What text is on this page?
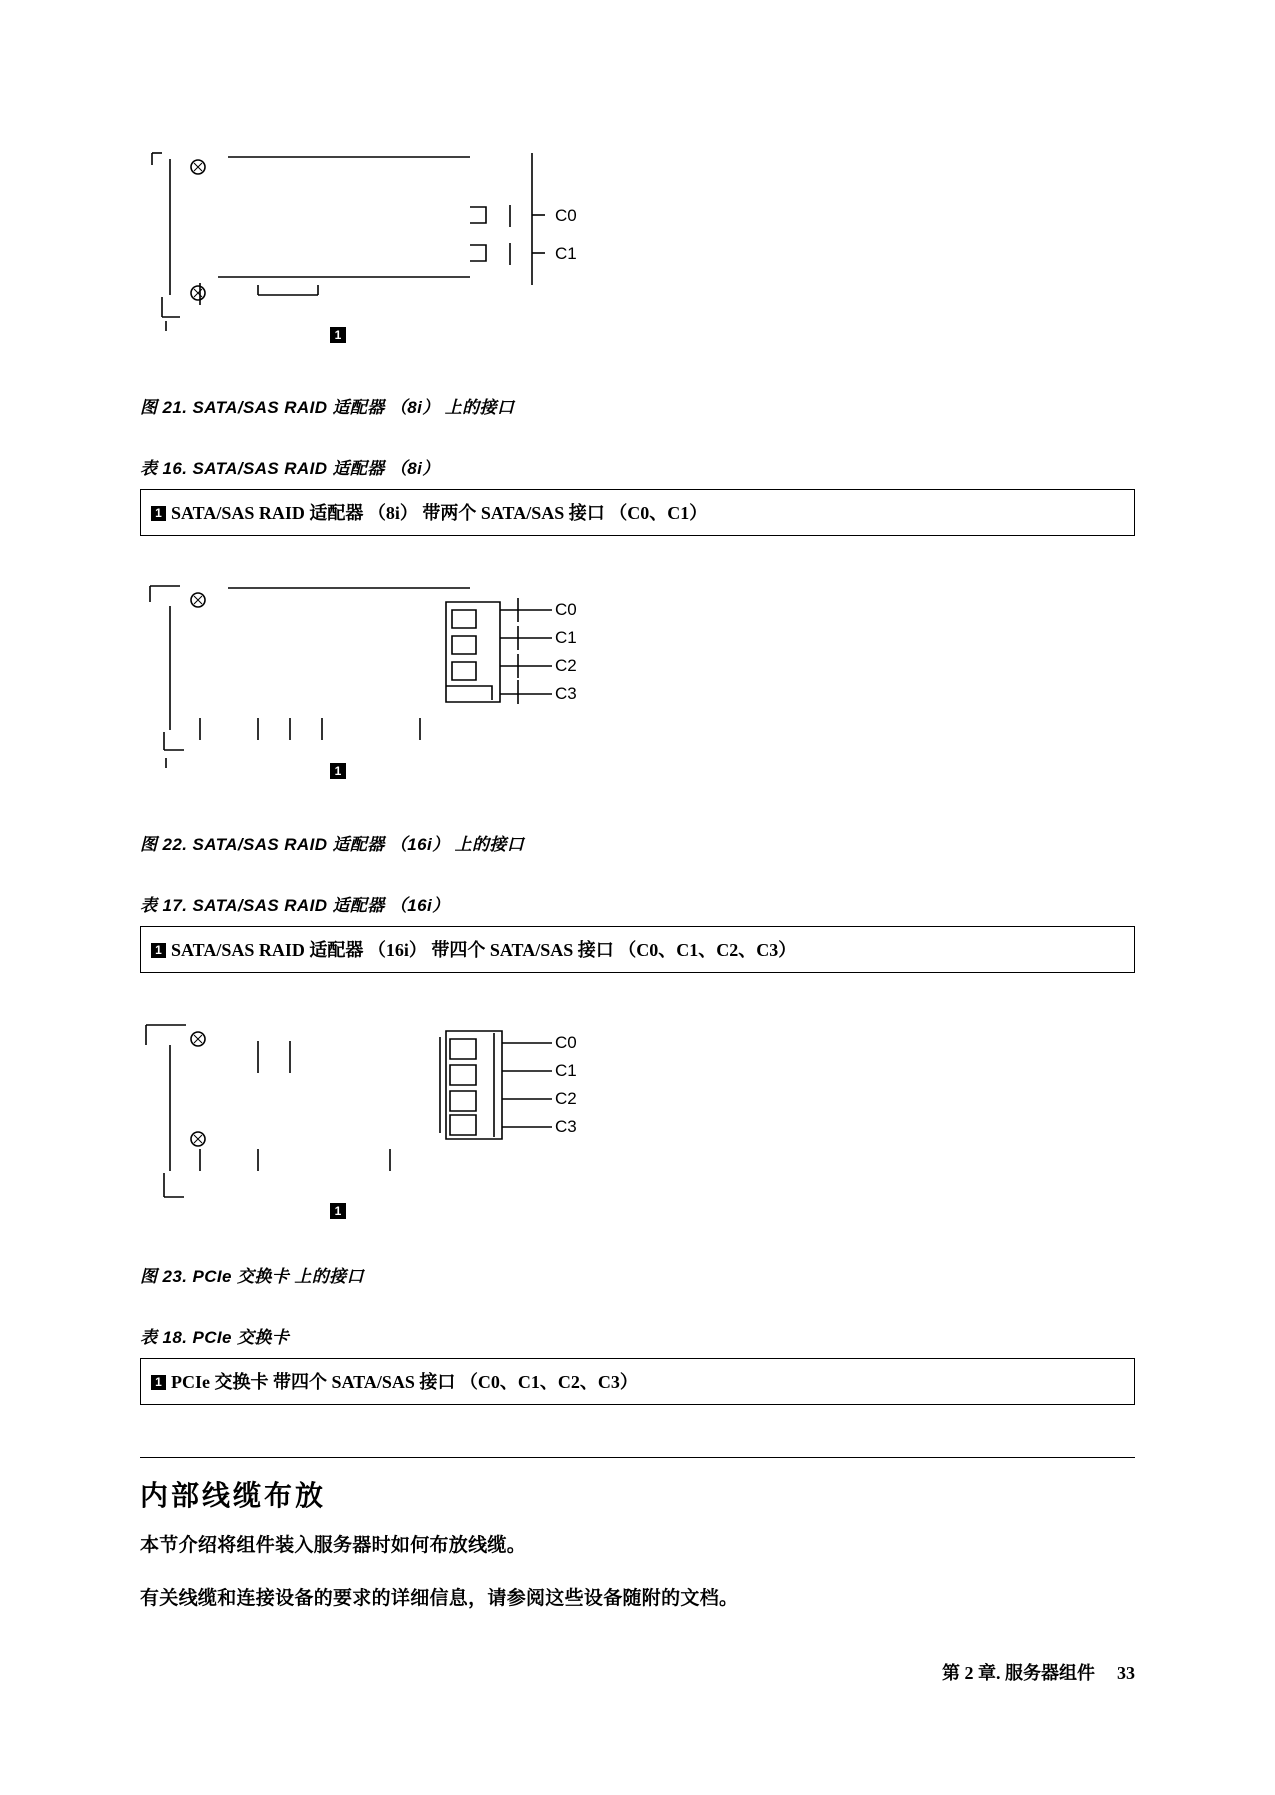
C0
C1
1
图 21. SATA/SAS RAID 适配器 （8i） 上的接口
表 16. SATA/SAS RAID 适配器 （8i）
1 SATA/SAS RAID 适配器 （8i） 带两个 SATA/SAS 接口 （C0、C1）
C0
C1
C2
C3
1
图 22. SATA/SAS RAID 适配器 （16i） 上的接口
表 17. SATA/SAS RAID 适配器 （16i）
1 SATA/SAS RAID 适配器 （16i） 带四个 SATA/SAS 接口 （C0、C1、C2、C3）
C0
C1
C2
C3
1
图 23. PCIe 交换卡 上的接口
表 18. PCIe 交换卡
1 PCIe 交换卡 带四个 SATA/SAS 接口 （C0、C1、C2、C3）
内部线缆布放

本节介绍将组件装入服务器时如何布放线缆。

有关线缆和连接设备的要求的详细信息，请参阅这些设备随附的文档。

第 2 章. 服务器组件 33
